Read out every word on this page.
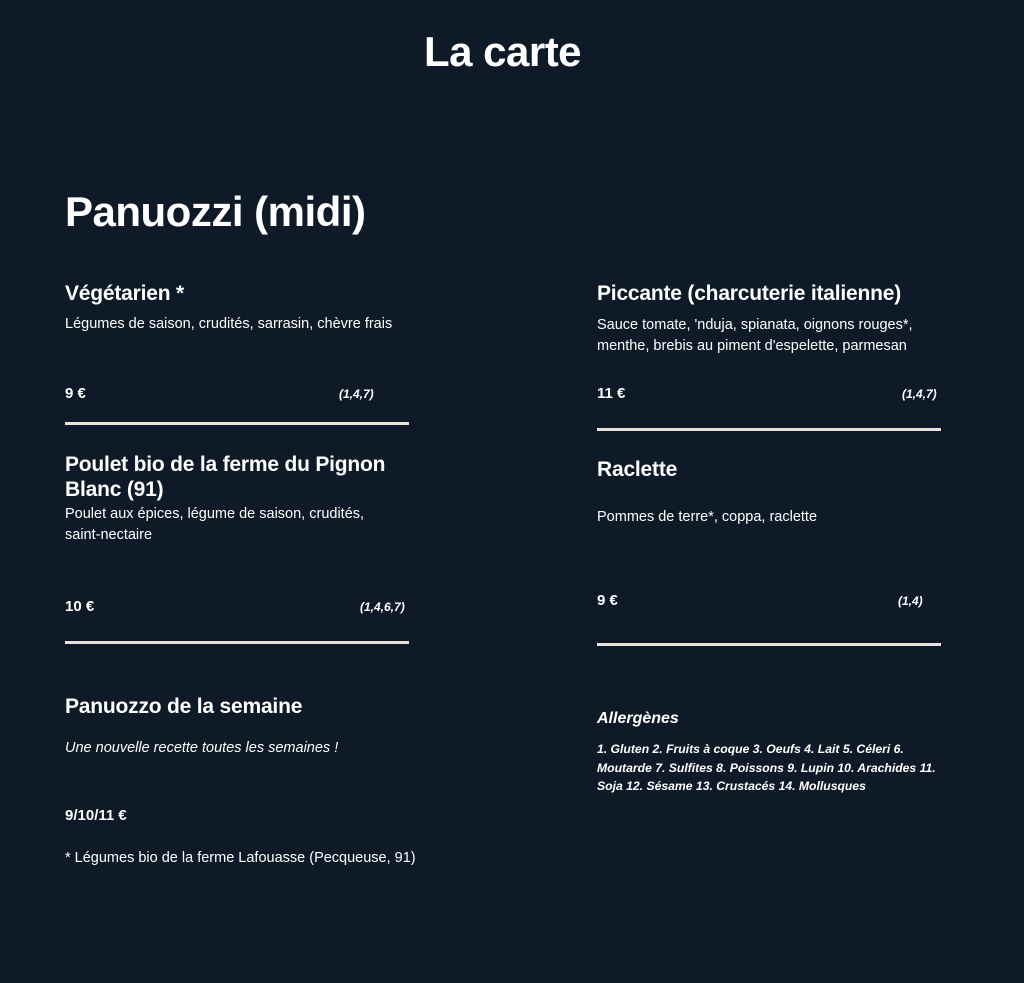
La carte
Panuozzi (midi)
Végétarien *

Légumes de saison, crudités, sarrasin, chèvre frais

9 €	(1,4,7)
Piccante (charcuterie italienne)

Sauce tomate, 'nduja, spianata, oignons rouges*, menthe, brebis au piment d'espelette, parmesan

11 €	(1,4,7)
Poulet bio de la ferme du Pignon Blanc (91)

Poulet aux épices, légume de saison, crudités, saint-nectaire

10 €	(1,4,6,7)
Raclette

Pommes de terre*, coppa, raclette

9 €	(1,4)
Panuozzo de la semaine

Une nouvelle recette toutes les semaines !

9/10/11 €
* Légumes bio de la ferme Lafouasse (Pecqueuse, 91)
Allergènes

1. Gluten 2. Fruits à coque 3. Oeufs 4. Lait 5. Céleri 6. Moutarde 7. Sulfites 8. Poissons 9. Lupin 10. Arachides 11. Soja 12. Sésame 13. Crustacés 14. Mollusques
